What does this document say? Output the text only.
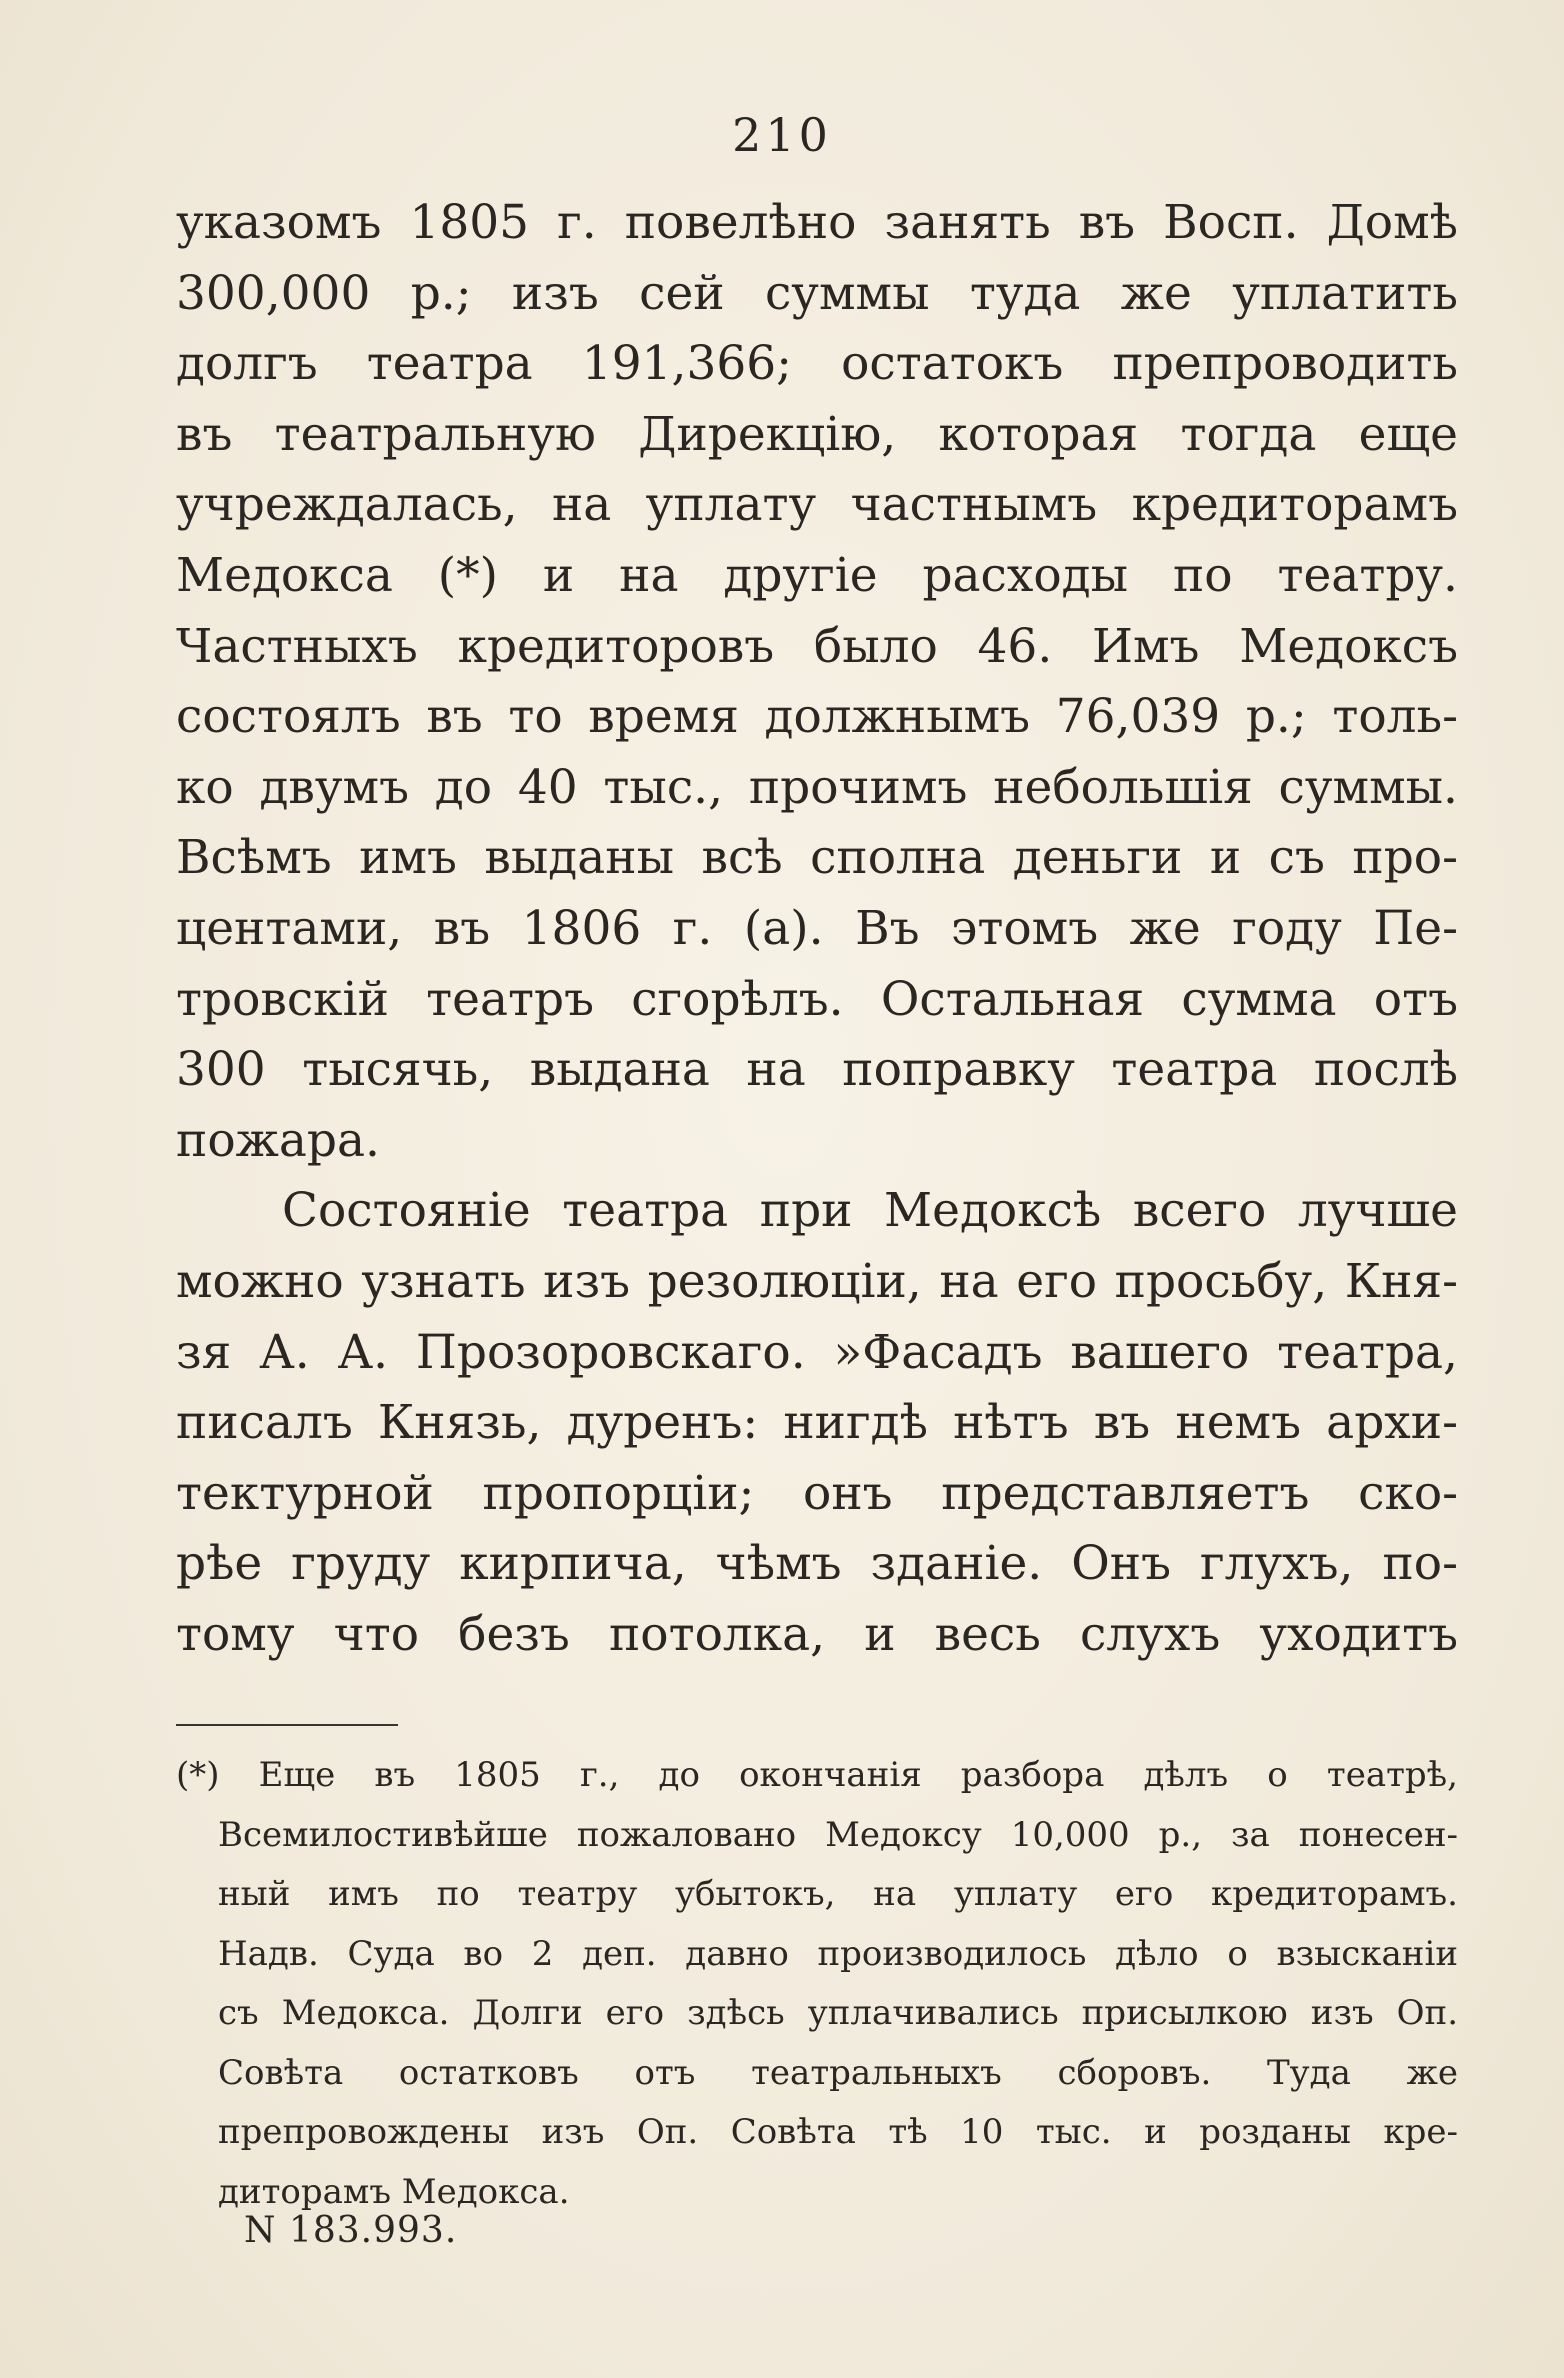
210
указомъ 1805 г. повелѣно занять въ Восп. Домѣ
300,000 р.; изъ сей суммы туда же уплатить
долгъ театра 191,366; остатокъ препроводить
въ театральную Дирекцію, которая тогда еще
учреждалась, на уплату частнымъ кредиторамъ
Медокса (*) и на другіе расходы по театру.
Частныхъ кредиторовъ было 46. Имъ Медоксъ
состоялъ въ то время должнымъ 76,039 р.; толь-
ко двумъ до 40 тыс., прочимъ небольшія суммы.
Всѣмъ имъ выданы всѣ сполна деньги и съ про-
центами, въ 1806 г. (а). Въ этомъ же году Пе-
тровскій театръ сгорѣлъ. Остальная сумма отъ
300 тысячь, выдана на поправку театра послѣ
пожара.
Состояніе театра при Медоксѣ всего лучше
можно узнать изъ резолюціи, на его просьбу, Кня-
зя А. А. Прозоровскаго. »Фасадъ вашего театра,
писалъ Князь, дуренъ: нигдѣ нѣтъ въ немъ архи-
тектурной пропорціи; онъ представляетъ ско-
рѣе груду кирпича, чѣмъ зданіе. Онъ глухъ, по-
тому что безъ потолка, и весь слухъ уходитъ
(*) Еще въ 1805 г., до окончанія разбора дѣлъ о театрѣ,
Всемилостивѣйше пожаловано Медоксу 10,000 р., за понесен-
ный имъ по театру убытокъ, на уплату его кредиторамъ.
Надв. Суда во 2 деп. давно производилось дѣло о взысканіи
съ Медокса. Долги его здѣсь уплачивались присылкою изъ Оп.
Совѣта остатковъ отъ театральныхъ сборовъ. Туда же
препровождены изъ Оп. Совѣта тѣ 10 тыс. и розданы кре-
диторамъ Медокса.
N 183.993.
